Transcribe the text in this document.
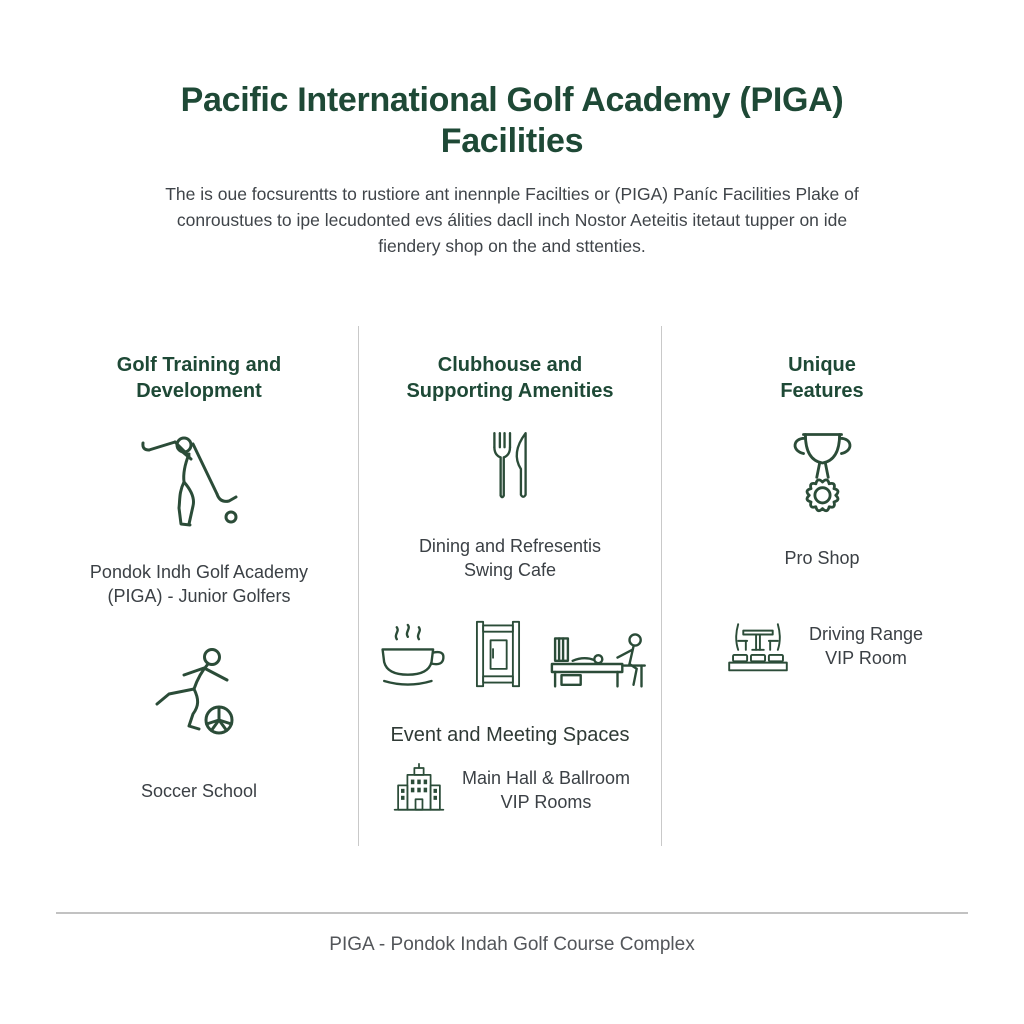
Pacific International Golf Academy (PIGA) Facilities
The is oue focsurentts to rustiore ant inennple Facilties or (PIGA) Paníc Facilities Plake of
conroustues to ipe lecudonted evs álities dacll inch Nostor Aeteitis itetaut tupper on ide
fiendery shop on the and sttenties.
Golf Training and Development
Pondok Indh Golf Academy
(PIGA) - Junior Golfers
Soccer School
Clubhouse and Supporting Amenities
Dining and Refresentis
Swing Cafe
Event and Meeting Spaces
Main Hall & Ballroom
VIP Rooms
Unique Features
Pro Shop
Driving Range
VIP Room
PIGA - Pondok Indah Golf Course Complex
